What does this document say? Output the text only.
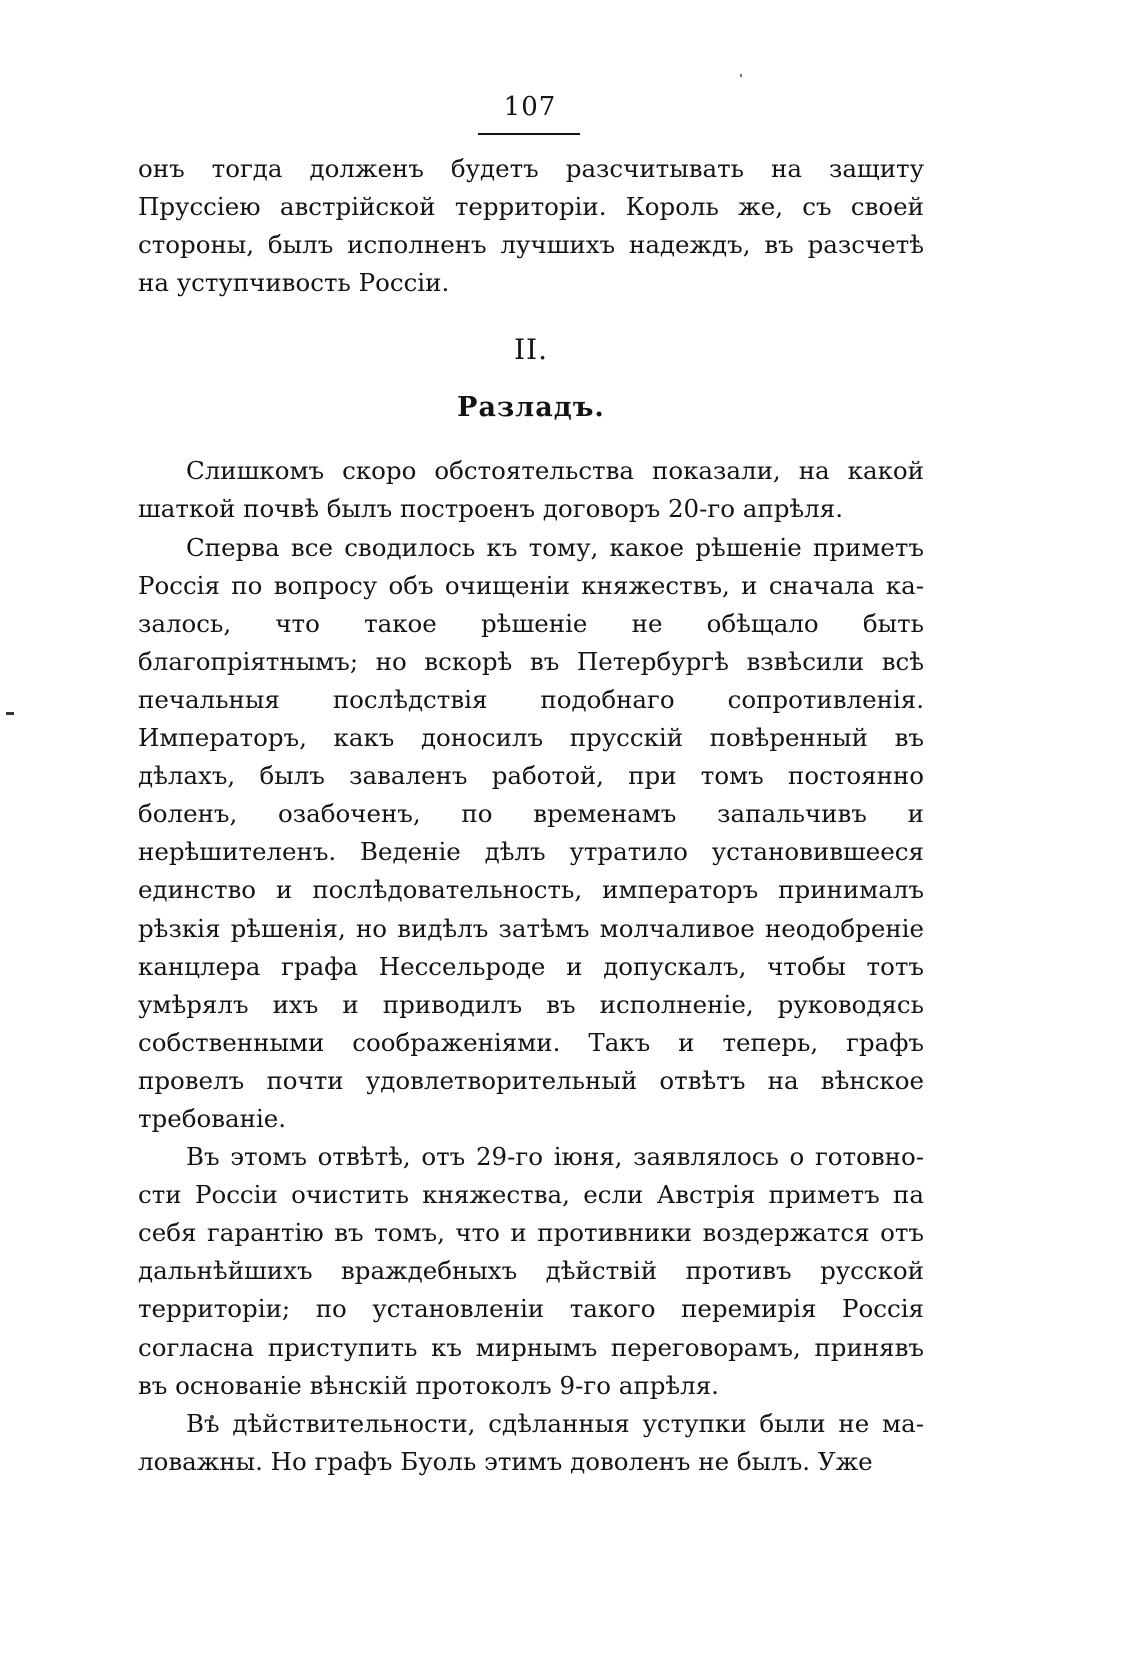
107

онъ тогда долженъ будетъ разсчитывать на защиту Пруссіею австрійской территоріи. Король же, съ своей стороны, былъ исполненъ лучшихъ надеждъ, въ разсчетѣ на уступчивость Россіи.

II.
Разладъ.

Слишкомъ скоро обстоятельства показали, на какой шаткой почвѣ былъ построенъ договоръ 20-го апрѣля.

Сперва все сводилось къ тому, какое рѣшеніе приметъ Россія по вопросу объ очищеніи княжествъ, и сначала казалось, что такое рѣшеніе не обѣщало быть благопріятнымъ; но вскорѣ въ Петербургѣ взвѣсили всѣ печальныя послѣдствія подобнаго сопротивленія. Императоръ, какъ доносилъ прусскій повѣренный въ дѣлахъ, былъ заваленъ работой, при томъ постоянно боленъ, озабоченъ, по временамъ запальчивъ и нерѣшителенъ. Веденіе дѣлъ утратило установившееся единство и послѣдовательность, императоръ принималъ рѣзкія рѣшенія, но видѣлъ затѣмъ молчаливое неодобреніе канцлера графа Нессельроде и допускалъ, чтобы тотъ умѣрялъ ихъ и приводилъ въ исполненіе, руководясь собственными соображеніями. Такъ и теперь, графъ провелъ почти удовлетворительный отвѣтъ на вѣнское требованіе.

Въ этомъ отвѣтѣ, отъ 29-го іюня, заявлялось о готовности Россіи очистить княжества, если Австрія приметъ па себя гарантію въ томъ, что и противники воздержатся отъ дальнѣйшихъ враждебныхъ дѣйствій противъ русской территоріи; по установленіи такого перемирія Россія согласна приступить къ мирнымъ переговорамъ, принявъ въ основаніе вѣнскій протоколъ 9-го апрѣля.

Въ дѣйствительности, сдѣланныя уступки были не маловажны. Но графъ Буоль этимъ доволенъ не былъ. Уже
